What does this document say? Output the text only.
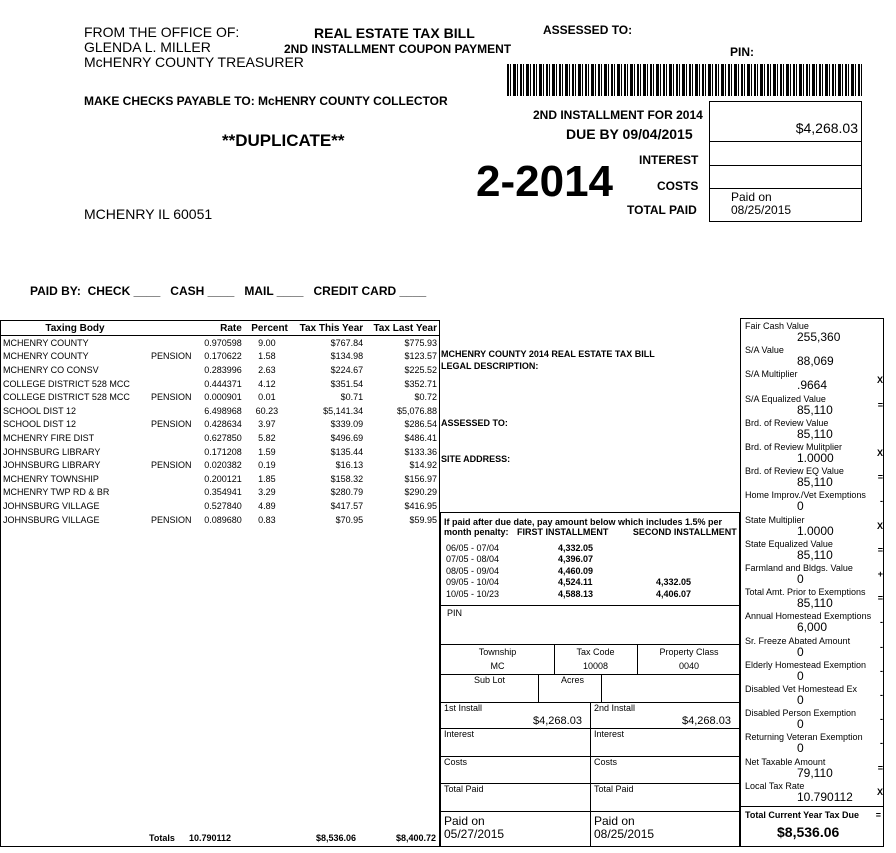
FROM THE OFFICE OF:
GLENDA L. MILLER
McHENRY COUNTY TREASURER
REAL ESTATE TAX BILL
2ND INSTALLMENT COUPON PAYMENT
ASSESSED TO:
PIN:
MAKE CHECKS PAYABLE TO: McHENRY COUNTY COLLECTOR
**DUPLICATE**
MCHENRY IL 60051
2-2014
2ND INSTALLMENT FOR 2014
DUE BY 09/04/2015	$4,268.03
INTEREST
COSTS
TOTAL PAID
Paid on
08/25/2015
PAID BY: CHECK ____ CASH ____ MAIL ____ CREDIT CARD ____
Taxing Body		Rate	Percent	Tax This Year	Tax Last Year
MCHENRY COUNTY		0.970598	9.00	$767.84	$775.93
MCHENRY COUNTY	PENSION	0.170622	1.58	$134.98	$123.57
MCHENRY CO CONSV		0.283996	2.63	$224.67	$225.52
COLLEGE DISTRICT 528 MCC		0.444371	4.12	$351.54	$352.71
COLLEGE DISTRICT 528 MCC	PENSION	0.000901	0.01	$0.71	$0.72
SCHOOL DIST 12		6.498968	60.23	$5,141.34	$5,076.88
SCHOOL DIST 12	PENSION	0.428634	3.97	$339.09	$286.54
MCHENRY FIRE DIST		0.627850	5.82	$496.69	$486.41
JOHNSBURG LIBRARY		0.171208	1.59	$135.44	$133.36
JOHNSBURG LIBRARY	PENSION	0.020382	0.19	$16.13	$14.92
MCHENRY TOWNSHIP		0.200121	1.85	$158.32	$156.97
MCHENRY TWP RD & BR		0.354941	3.29	$280.79	$290.29
JOHNSBURG VILLAGE		0.527840	4.89	$417.57	$416.95
JOHNSBURG VILLAGE	PENSION	0.089680	0.83	$70.95	$59.95
Totals 10.790112	$8,536.06	$8,400.72
MCHENRY COUNTY 2014 REAL ESTATE TAX BILL
LEGAL DESCRIPTION:
ASSESSED TO:
SITE ADDRESS:
If paid after due date, pay amount below which includes 1.5% per
month penalty: FIRST INSTALLMENT	SECOND INSTALLMENT
06/05 - 07/04	4,332.05	
07/05 - 08/04	4,396.07	
08/05 - 09/04	4,460.09	
09/05 - 10/04	4,524.11	4,332.05
10/05 - 10/23	4,588.13	4,406.07
PIN
Township
MC
Tax Code
10008
Property Class
0040
Sub Lot	Acres
1st Install
$4,268.03
2nd Install
$4,268.03
Interest	Interest
Costs	Costs
Total Paid	Total Paid
Paid on
05/27/2015
Paid on
08/25/2015
Fair Cash Value
255,360
S/A Value
88,069
S/A Multiplier
.9664	X
S/A Equalized Value
85,110	=
Brd. of Review Value
85,110
Brd. of Review Mulitplier
1.0000	X
Brd. of Review EQ Value
85,110	=
Home Improv./Vet Exemptions
0	-
State Multiplier
1.0000	X
State Equalized Value
85,110	=
Farmland and Bldgs. Value
0	+
Total Amt. Prior to Exemptions
85,110	=
Annual Homestead Exemptions
6,000	-
Sr. Freeze Abated Amount
0	-
Elderly Homestead Exemption
0	-
Disabled Vet Homestead Ex
0	-
Disabled Person Exemption
0	-
Returning Veteran Exemption
0	-
Net Taxable Amount
79,110	=
Local Tax Rate
10.790112	X
Total Current Year Tax Due =
$8,536.06
